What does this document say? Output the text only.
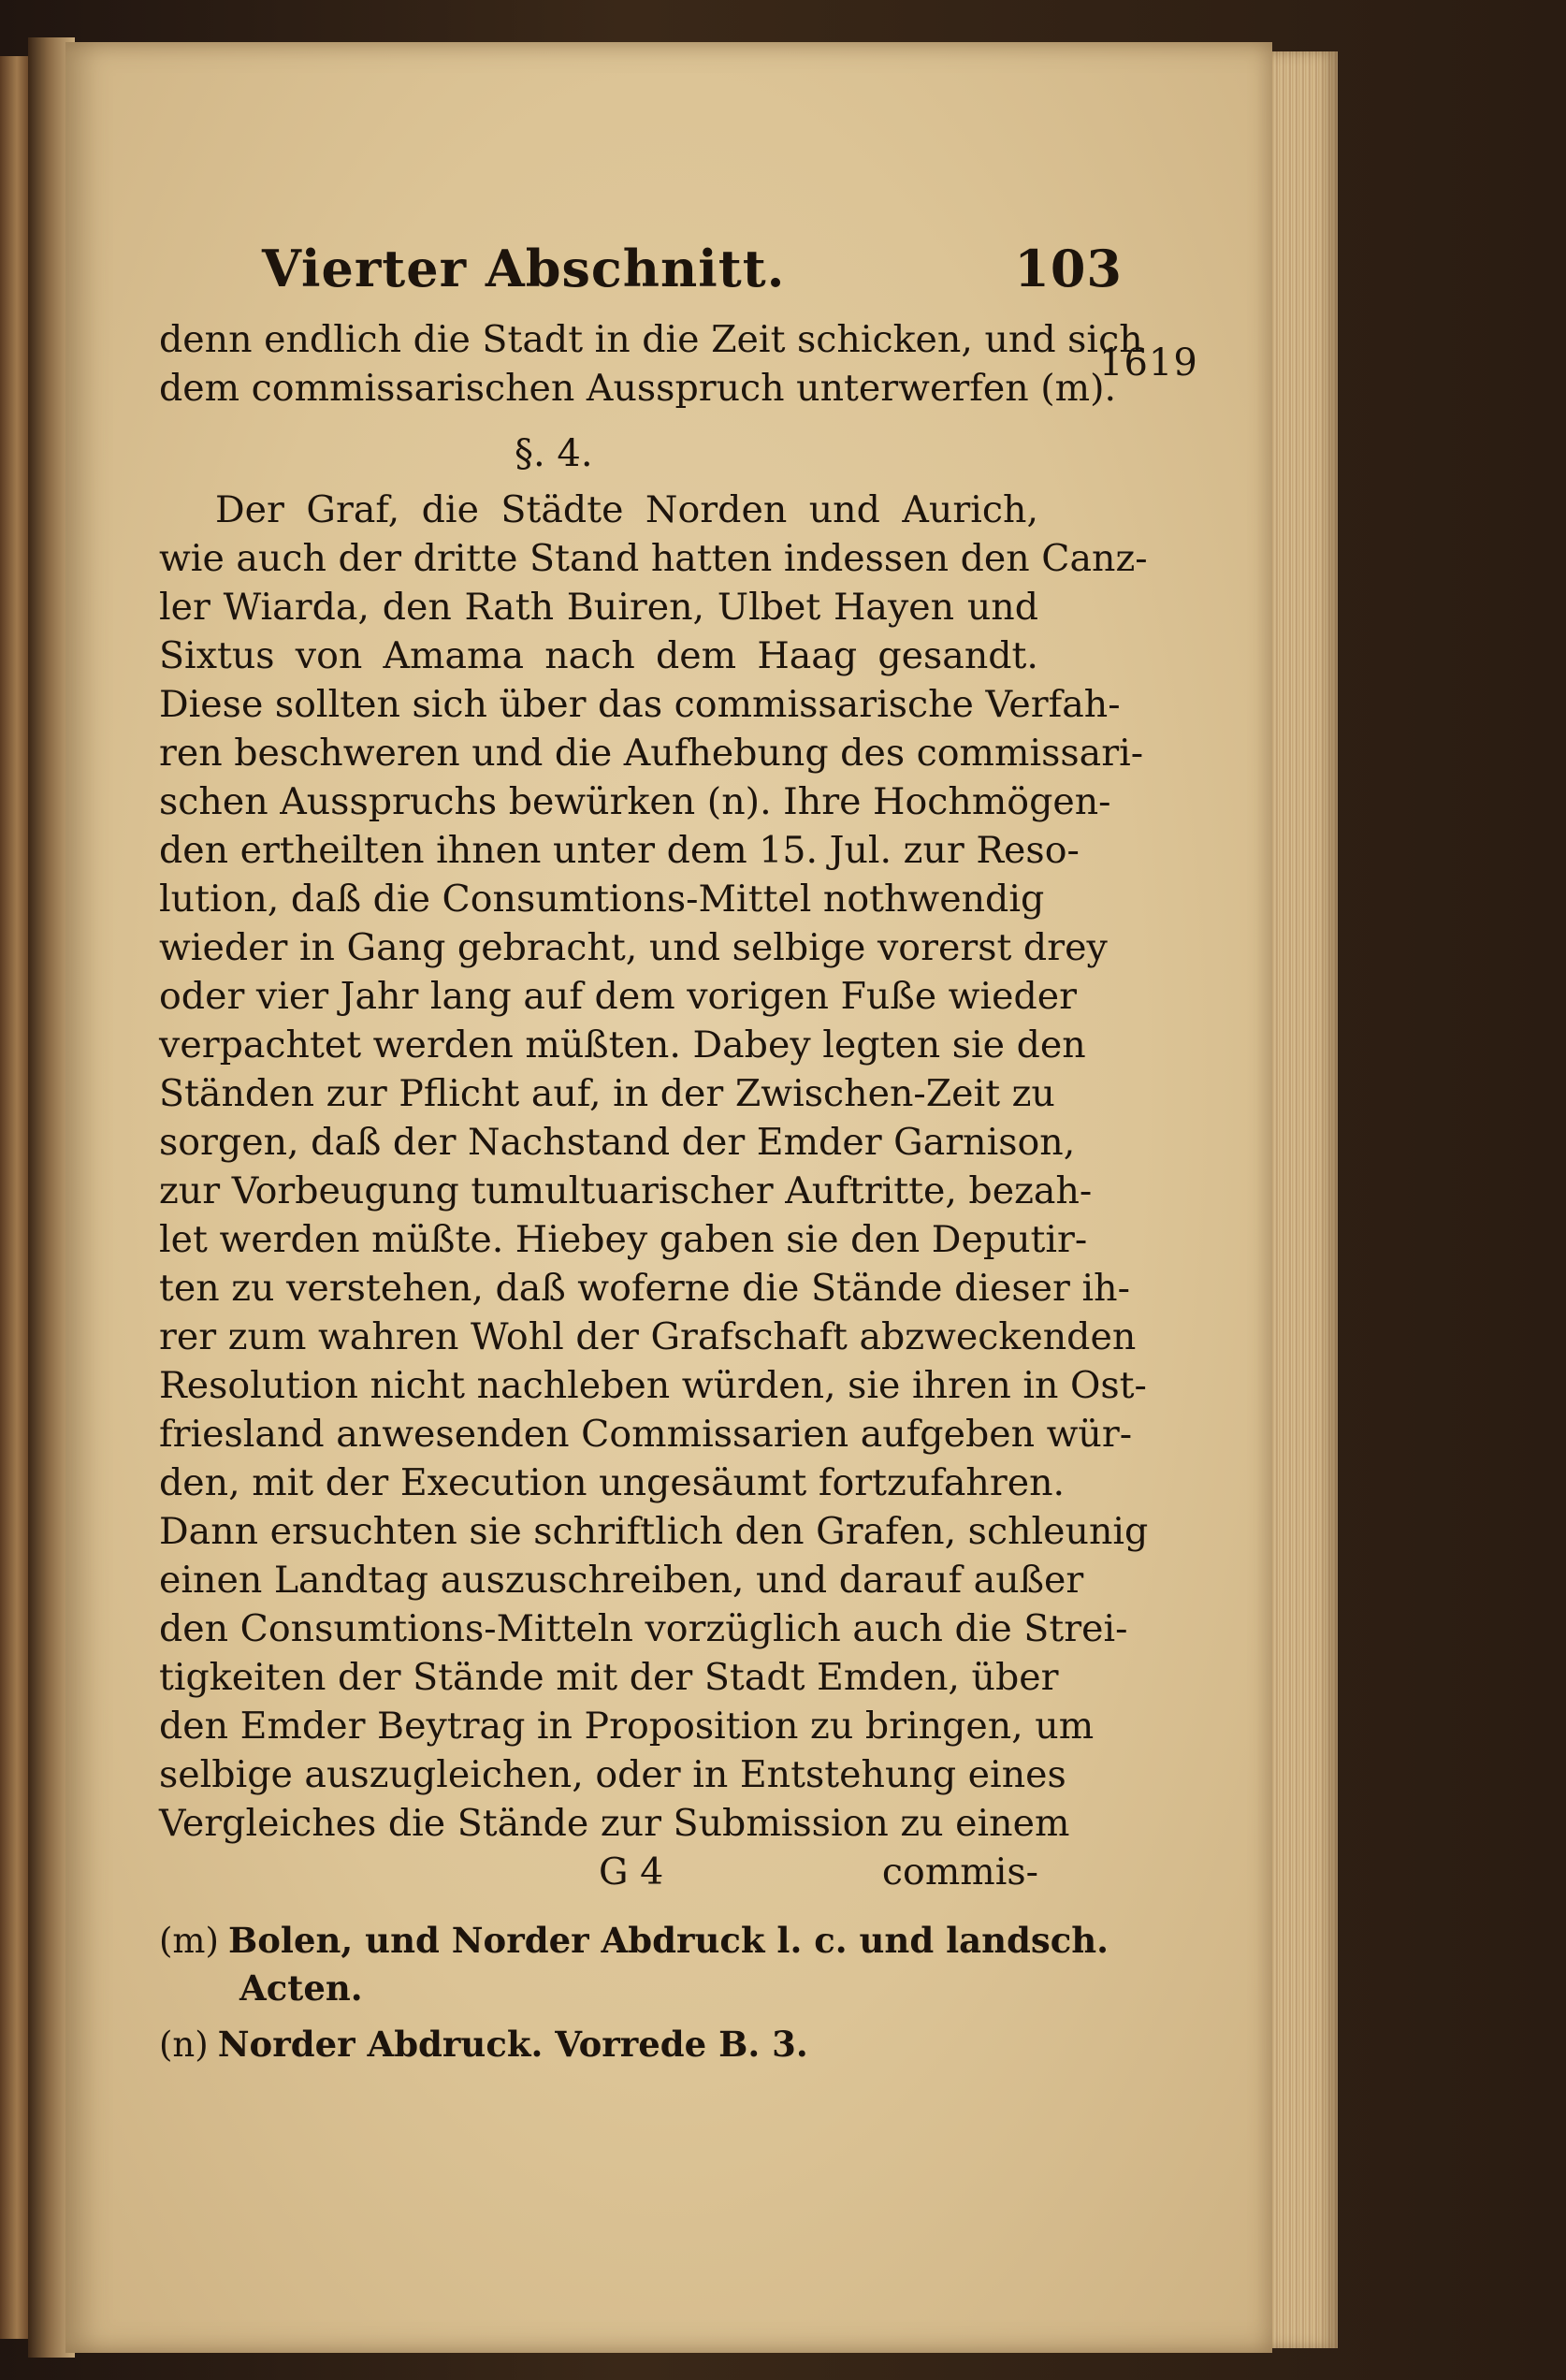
Vierter Abschnitt.	103
1619
denn endlich die Stadt in die Zeit schicken, und sich
dem commissarischen Ausspruch unterwerfen (m).
§. 4.
Der Graf, die Städte Norden und Aurich,
wie auch der dritte Stand hatten indessen den Canz-
ler Wiarda, den Rath Buiren, Ulbet Hayen und
Sixtus von Amama nach dem Haag gesandt.
Diese sollten sich über das commissarische Verfah-
ren beschweren und die Aufhebung des commissari-
schen Ausspruchs bewürken (n). Ihre Hochmögen-
den ertheilten ihnen unter dem 15. Jul. zur Reso-
lution, daß die Consumtions-Mittel nothwendig
wieder in Gang gebracht, und selbige vorerst drey
oder vier Jahr lang auf dem vorigen Fuße wieder
verpachtet werden müßten. Dabey legten sie den
Ständen zur Pflicht auf, in der Zwischen-Zeit zu
sorgen, daß der Nachstand der Emder Garnison,
zur Vorbeugung tumultuarischer Auftritte, bezah-
let werden müßte. Hiebey gaben sie den Deputir-
ten zu verstehen, daß woferne die Stände dieser ih-
rer zum wahren Wohl der Grafschaft abzweckenden
Resolution nicht nachleben würden, sie ihren in Ost-
friesland anwesenden Commissarien aufgeben wür-
den, mit der Execution ungesäumt fortzufahren.
Dann ersuchten sie schriftlich den Grafen, schleunig
einen Landtag auszuschreiben, und darauf außer
den Consumtions-Mitteln vorzüglich auch die Strei-
tigkeiten der Stände mit der Stadt Emden, über
den Emder Beytrag in Proposition zu bringen, um
selbige auszugleichen, oder in Entstehung eines
Vergleiches die Stände zur Submission zu einem
G 4	commis-
(m) Bolen, und Norder Abdruck l. c. und landsch.
Acten.
(n) Norder Abdruck. Vorrede B. 3.
